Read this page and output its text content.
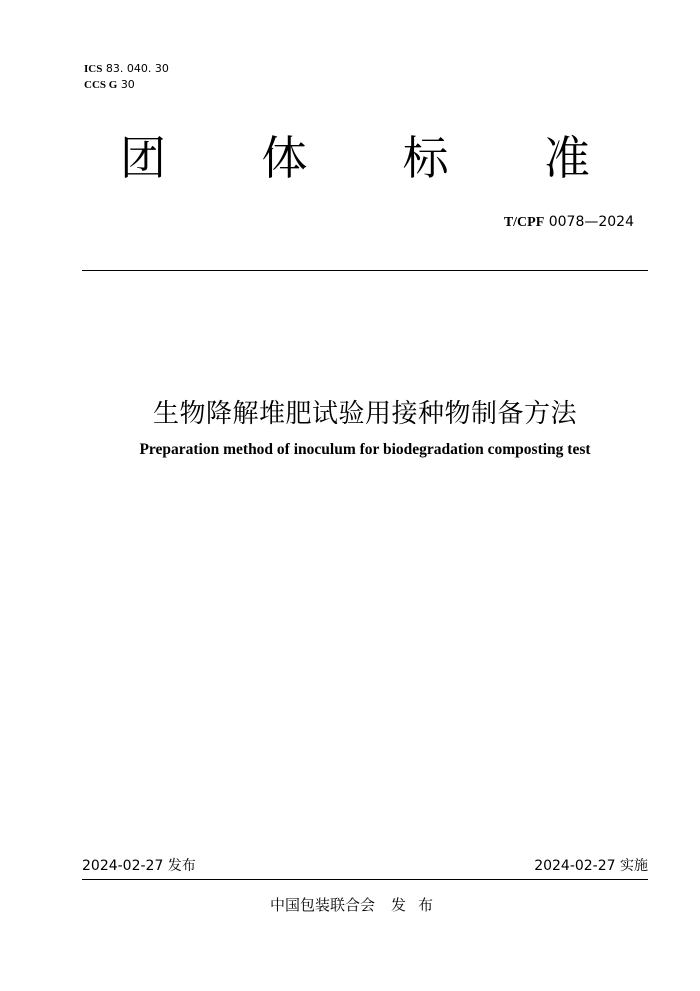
ICS 83. 040. 30
CCS G 30
团 体 标 准
T/CPF 0078—2024
生物降解堆肥试验用接种物制备方法
Preparation method of inoculum for biodegradation composting test
2024-02-27 发布	2024-02-27 实施
中国包装联合会 发布
